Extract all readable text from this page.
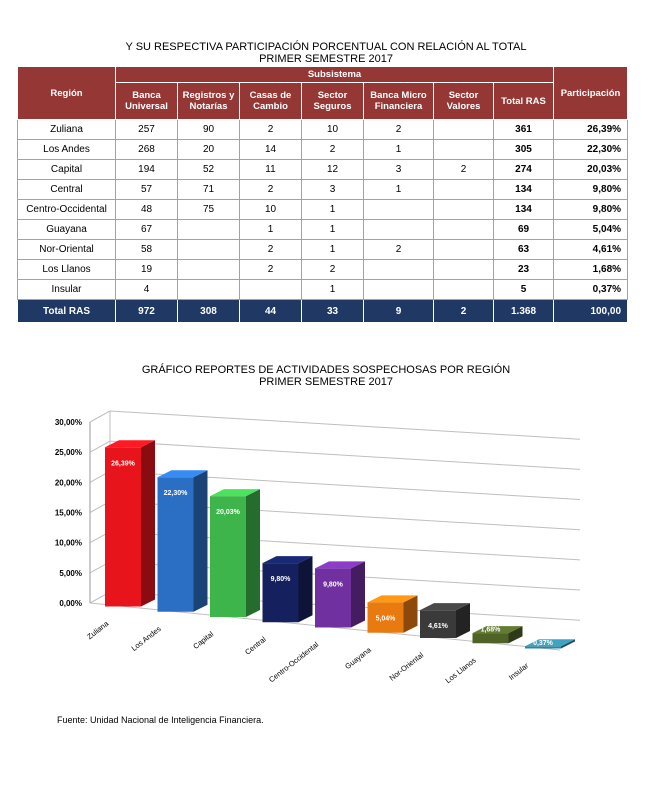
Y SU RESPECTIVA PARTICIPACIÓN PORCENTUAL CON RELACIÓN AL TOTAL
PRIMER SEMESTRE 2017
Región	Subsistema							Participación
	Banca Universal	Registros y Notarías	Casas de Cambio	Sector Seguros	Banca Micro Financiera	Sector Valores	Total RAS	
Zuliana	257	90	2	10	2		361	26,39%
Los Andes	268	20	14	2	1		305	22,30%
Capital	194	52	11	12	3	2	274	20,03%
Central	57	71	2	3	1		134	9,80%
Centro-Occidental	48	75	10	1			134	9,80%
Guayana	67		1	1			69	5,04%
Nor-Oriental	58		2	1	2		63	4,61%
Los Llanos	19		2	2			23	1,68%
Insular	4			1			5	0,37%
Total RAS	972	308	44	33	9	2	1.368	100,00
0,00%
5,00%
10,00%
15,00%
20,00%
25,00%
30,00%
26,39%
Zuliana
22,30%
Los Andes
20,03%
Capital
9,80%
Central
9,80%
Centro-Occidental
5,04%
Guayana
4,61%
Nor-Oriental
1,68%
Los Llanos
0,37%
Insular
Fuente: Unidad Nacional de Inteligencia Financiera.
GRÁFICO REPORTES DE ACTIVIDADES SOSPECHOSAS POR REGIÓN
PRIMER SEMESTRE 2017
